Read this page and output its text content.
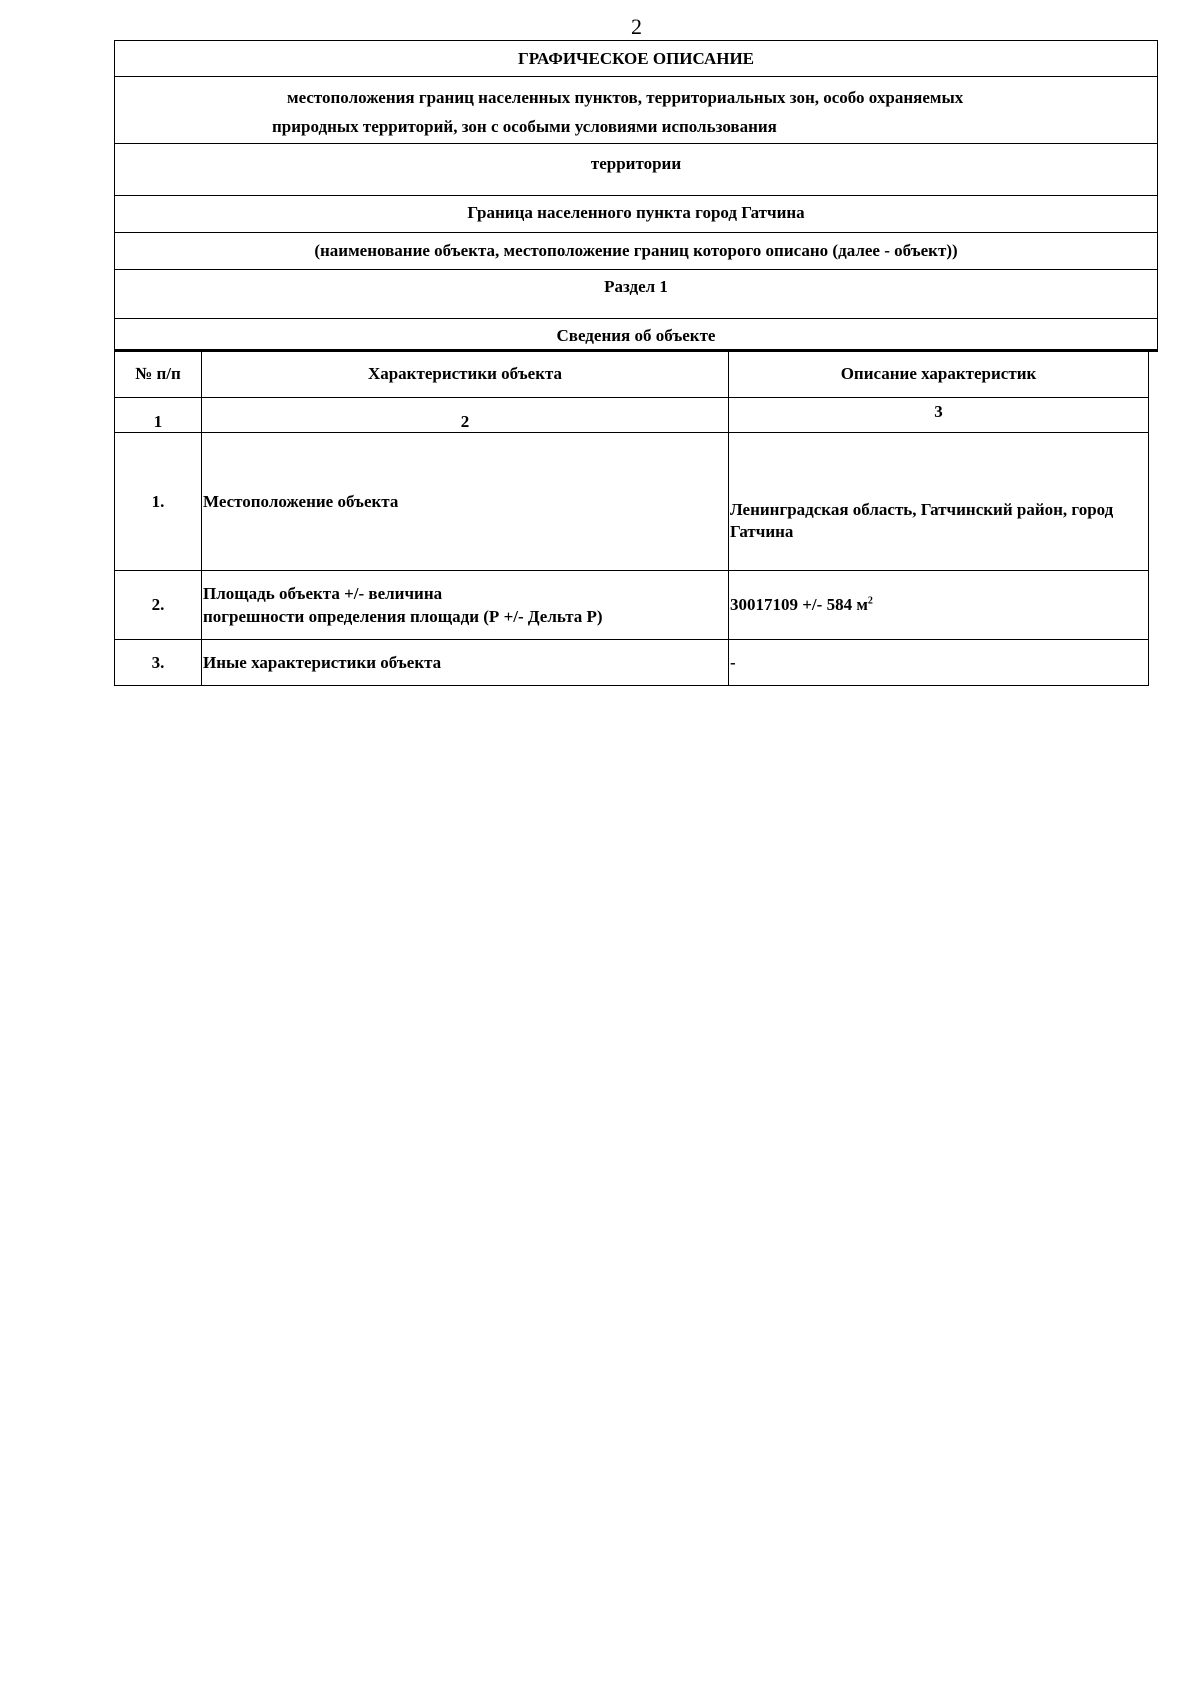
2
ГРАФИЧЕСКОЕ ОПИСАНИЕ
местоположения границ населенных пунктов, территориальных зон, особо охраняемых
природных территорий, зон с особыми условиями использования
территории
Граница населенного пункта город Гатчина
(наименование объекта, местоположение границ которого описано (далее - объект))
Раздел 1
Сведения об объекте
№ п/п	Характеристики объекта	Описание характеристик
1	2	3
1.	Местоположение объекта	Ленинградская область, Гатчинский район, город Гатчина
2.	Площадь объекта +/- величина
погрешности определения площади (Р +/- Дельта Р)	30017109 +/- 584 $м^2$
3.	Иные характеристики объекта	-
